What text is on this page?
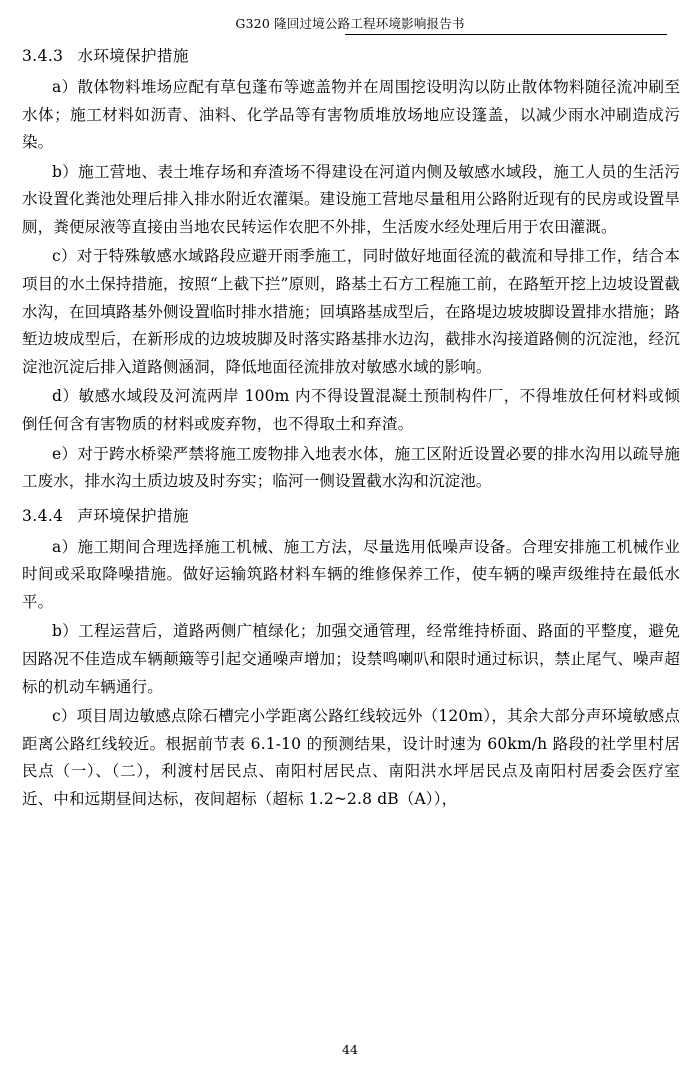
G320 隆回过境公路工程环境影响报告书
3.4.3 水环境保护措施

a）散体物料堆场应配有草包蓬布等遮盖物并在周围挖设明沟以防止散体物料随径流冲刷至水体；施工材料如沥青、油料、化学品等有害物质堆放场地应设篷盖，以减少雨水冲刷造成污染。

b）施工营地、表土堆存场和弃渣场不得建设在河道内侧及敏感水域段，施工人员的生活污水设置化粪池处理后排入排水附近农灌渠。建设施工营地尽量租用公路附近现有的民房或设置旱厕，粪便尿液等直接由当地农民转运作农肥不外排，生活废水经处理后用于农田灌溉。

c）对于特殊敏感水域路段应避开雨季施工，同时做好地面径流的截流和导排工作，结合本项目的水土保持措施，按照“上截下拦”原则，路基土石方工程施工前，在路堑开挖上边坡设置截水沟，在回填路基外侧设置临时排水措施；回填路基成型后，在路堤边坡坡脚设置排水措施；路堑边坡成型后，在新形成的边坡坡脚及时落实路基排水边沟，截排水沟接道路侧的沉淀池，经沉淀池沉淀后排入道路侧涵洞，降低地面径流排放对敏感水域的影响。

d）敏感水域段及河流两岸 100m 内不得设置混凝土预制构件厂，不得堆放任何材料或倾倒任何含有害物质的材料或废弃物，也不得取土和弃渣。

e）对于跨水桥梁严禁将施工废物排入地表水体，施工区附近设置必要的排水沟用以疏导施工废水，排水沟土质边坡及时夯实；临河一侧设置截水沟和沉淀池。

3.4.4 声环境保护措施

a）施工期间合理选择施工机械、施工方法，尽量选用低噪声设备。合理安排施工机械作业时间或采取降噪措施。做好运输筑路材料车辆的维修保养工作，使车辆的噪声级维持在最低水平。

b）工程运营后，道路两侧广植绿化；加强交通管理，经常维持桥面、路面的平整度，避免因路况不佳造成车辆颠簸等引起交通噪声增加；设禁鸣喇叭和限时通过标识，禁止尾气、噪声超标的机动车辆通行。

c）项目周边敏感点除石槽完小学距离公路红线较远外（120m），其余大部分声环境敏感点距离公路红线较近。根据前节表 6.1-10 的预测结果，设计时速为 60km/h 路段的社学里村居民点（一）、（二），利渡村居民点、南阳村居民点、南阳洪水坪居民点及南阳村居委会医疗室近、中和远期昼间达标，夜间超标（超标 1.2~2.8 dB（A）），

44
